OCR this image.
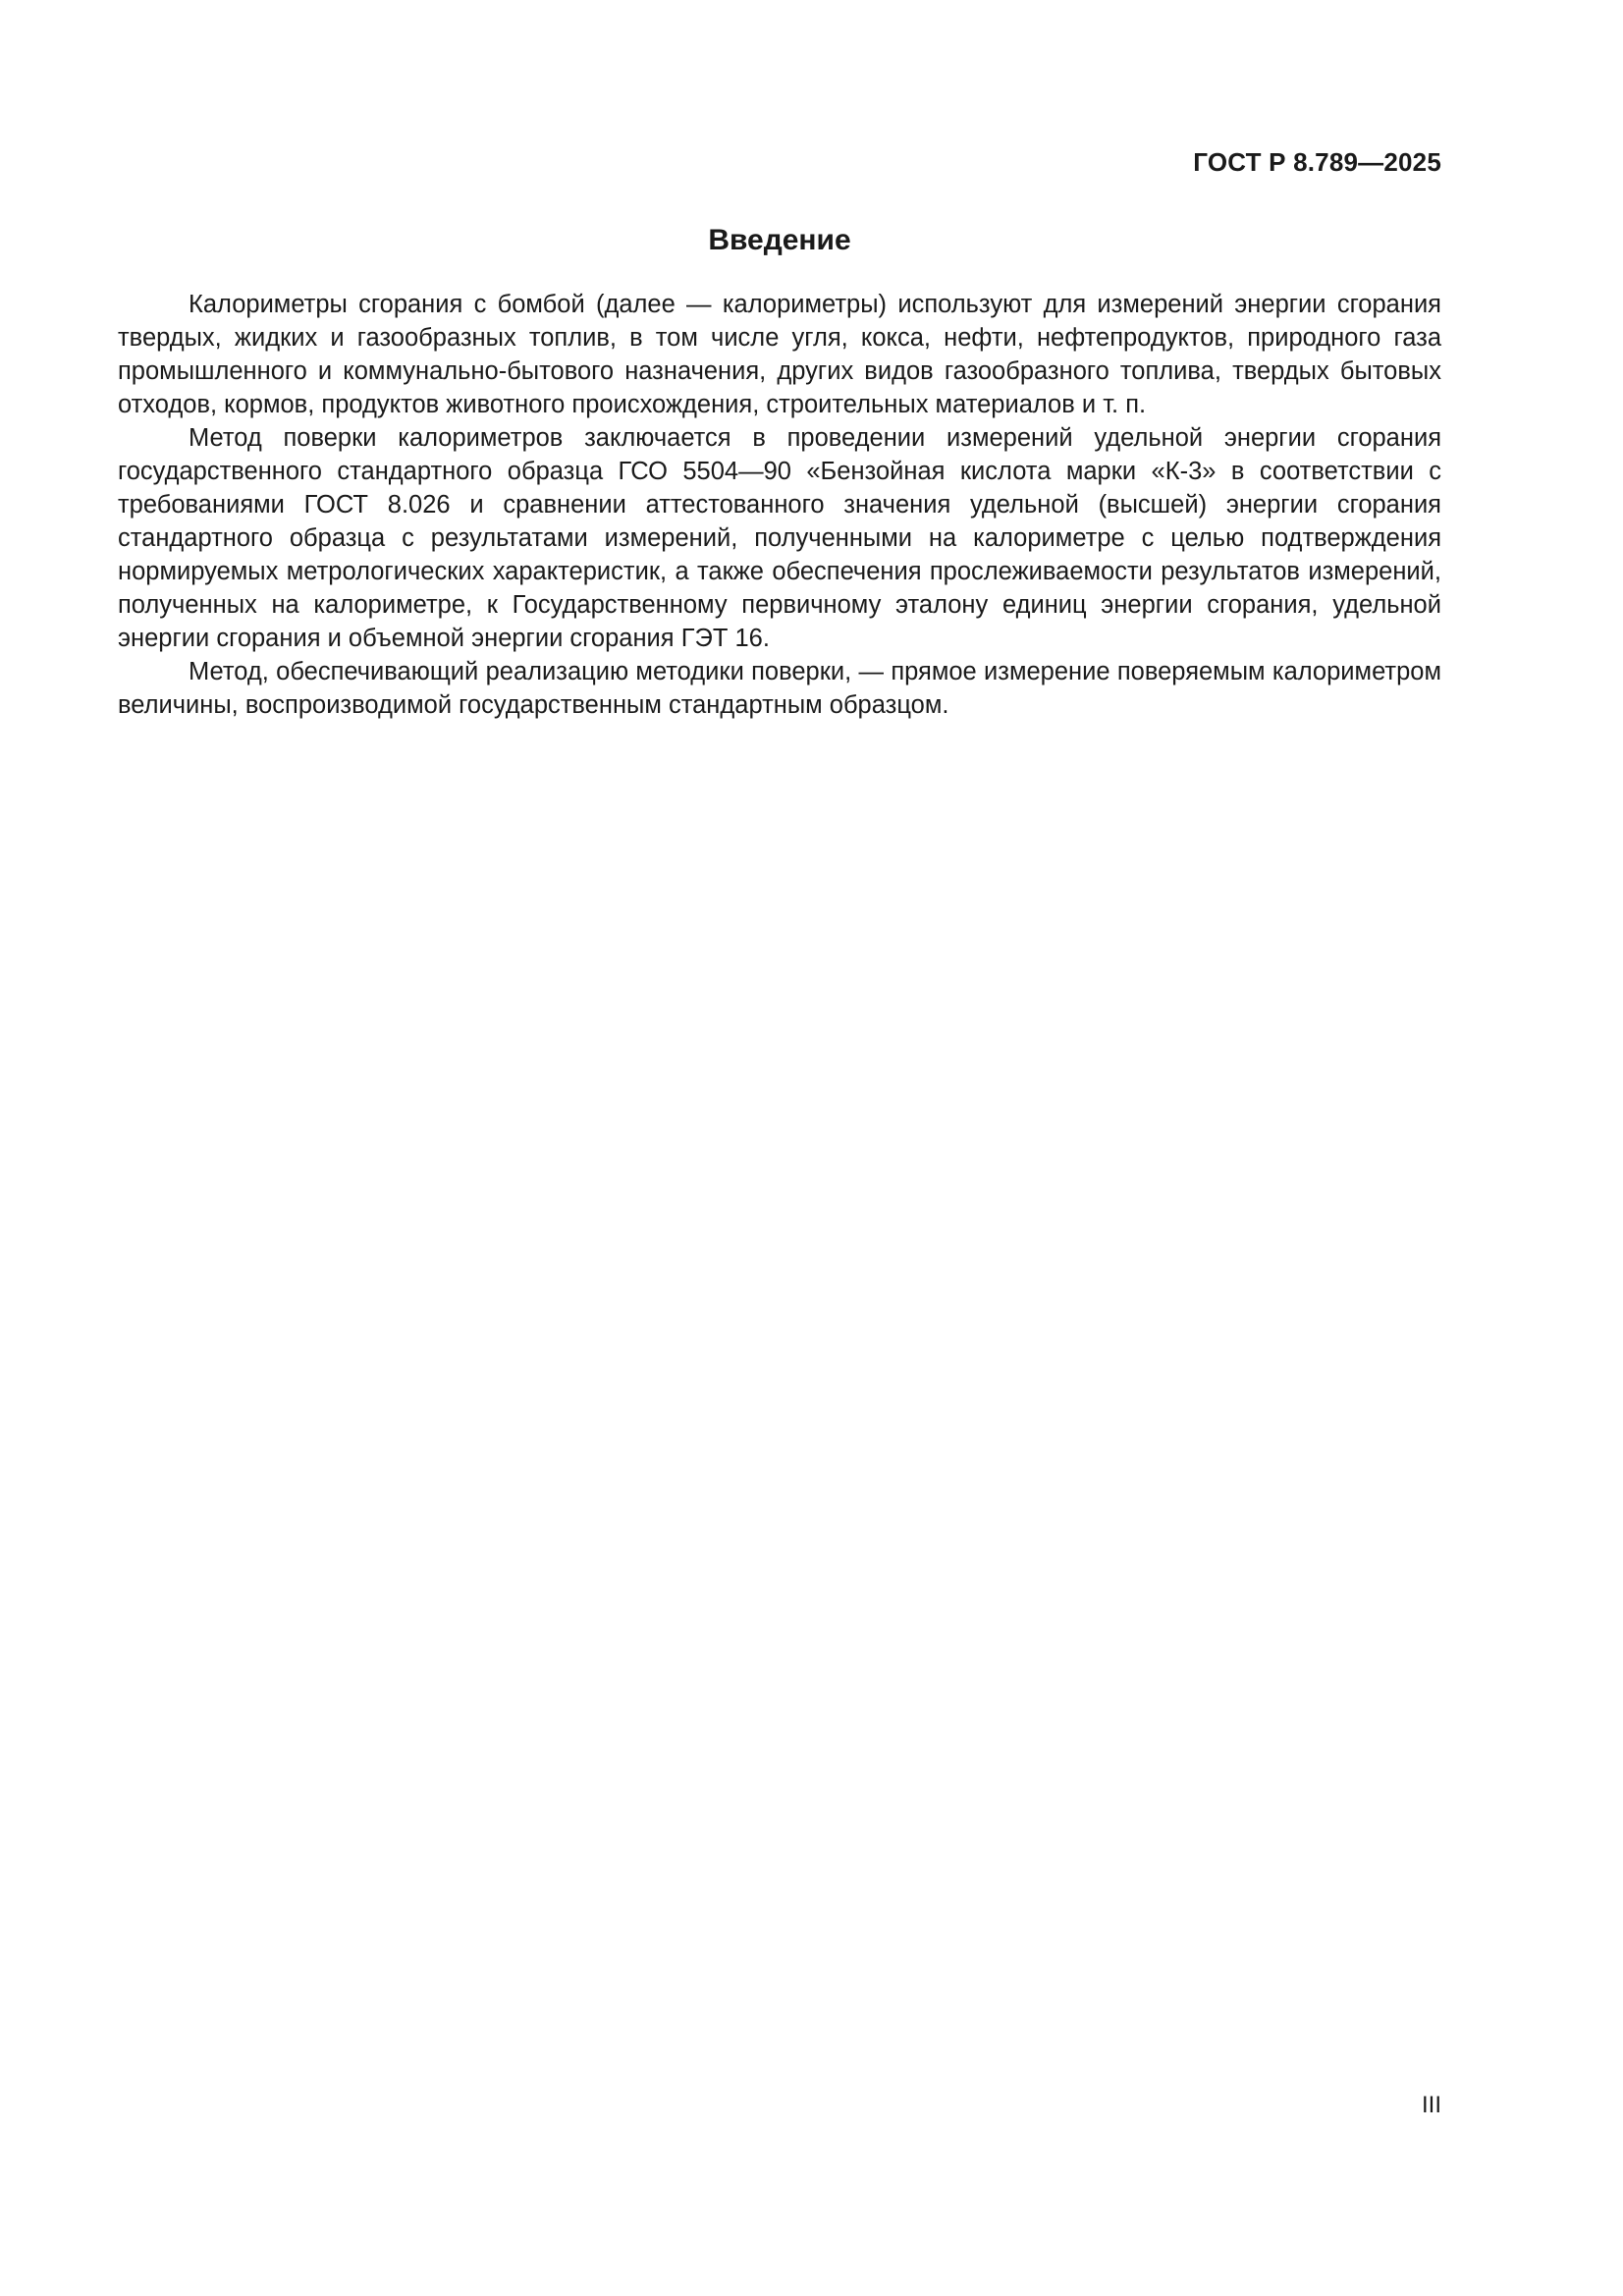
ГОСТ Р 8.789—2025
Введение

Калориметры сгорания с бомбой (далее — калориметры) используют для измерений энергии сгорания твердых, жидких и газообразных топлив, в том числе угля, кокса, нефти, нефтепродуктов, природного газа промышленного и коммунально-бытового назначения, других видов газообразного топлива, твердых бытовых отходов, кормов, продуктов животного происхождения, строительных материалов и т. п.

Метод поверки калориметров заключается в проведении измерений удельной энергии сгорания государственного стандартного образца ГСО 5504—90 «Бензойная кислота марки «К-3» в соответствии с требованиями ГОСТ 8.026 и сравнении аттестованного значения удельной (высшей) энергии сгорания стандартного образца с результатами измерений, полученными на калориметре с целью подтверждения нормируемых метрологических характеристик, а также обеспечения прослеживаемости результатов измерений, полученных на калориметре, к Государственному первичному эталону единиц энергии сгорания, удельной энергии сгорания и объемной энергии сгорания ГЭТ 16.

Метод, обеспечивающий реализацию методики поверки, — прямое измерение поверяемым калориметром величины, воспроизводимой государственным стандартным образцом.

III
